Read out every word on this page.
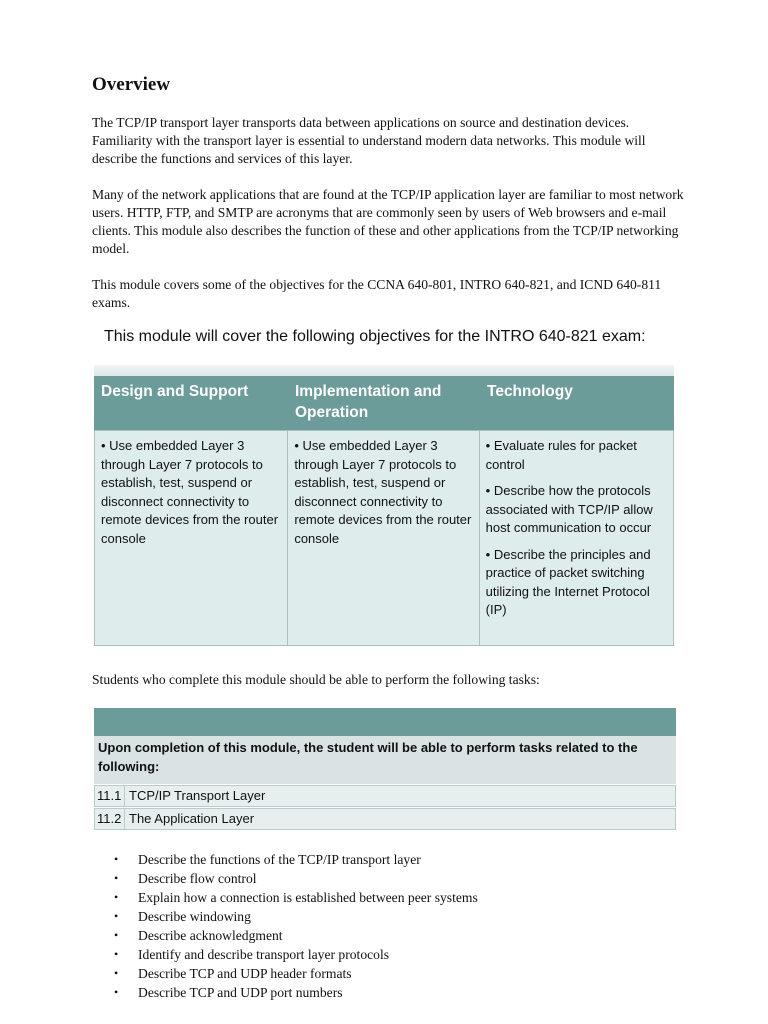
Overview

The TCP/IP transport layer transports data between applications on source and destination devices. Familiarity with the transport layer is essential to understand modern data networks. This module will describe the functions and services of this layer.

Many of the network applications that are found at the TCP/IP application layer are familiar to most network users. HTTP, FTP, and SMTP are acronyms that are commonly seen by users of Web browsers and e-mail clients. This module also describes the function of these and other applications from the TCP/IP networking model.

This module covers some of the objectives for the CCNA 640-801, INTRO 640-821, and ICND 640-811 exams.

This module will cover the following objectives for the INTRO 640-821 exam:

Design and Support	Implementation and Operation
Technology

• Use embedded Layer 3 through Layer 7 protocols to establish, test, suspend or disconnect connectivity to remote devices from the router console

• Use embedded Layer 3 through Layer 7 protocols to establish, test, suspend or disconnect connectivity to remote devices from the router console

• Evaluate rules for packet control

• Describe how the protocols associated with TCP/IP allow host communication to occur

• Describe the principles and practice of packet switching utilizing the Internet Protocol (IP)

Students who complete this module should be able to perform the following tasks:

Upon completion of this module, the student will be able to perform tasks related to the following:
11.1 TCP/IP Transport Layer
11.2 The Application Layer
• Describe the functions of the TCP/IP transport layer
• Describe flow control
• Explain how a connection is established between peer systems
• Describe windowing
• Describe acknowledgment
• Identify and describe transport layer protocols
• Describe TCP and UDP header formats
• Describe TCP and UDP port numbers
